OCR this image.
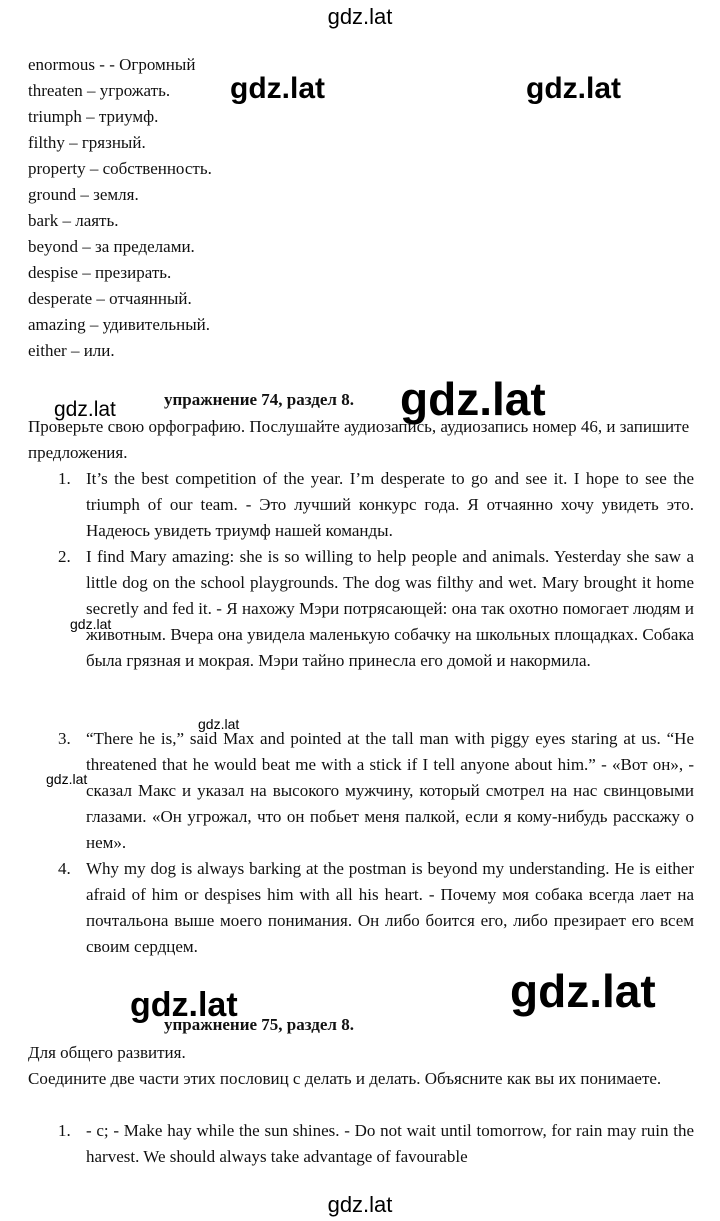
gdz.lat
gdz.lat	gdz.lat
gdz.lat
gdz.lat
gdz.lat
gdz.lat
gdz.lat
gdz.lat	gdz.lat
gdz.lat
enormous - - Огромный
threaten – угрожать.
triumph – триумф.
filthy – грязный.
property – собственность.
ground – земля.
bark – лаять.
beyond – за пределами.
despise – презирать.
desperate – отчаянный.
amazing – удивительный.
either – или.
упражнение 74, раздел 8.
Проверьте свою орфографию. Послушайте аудиозапись, аудиозапись номер 46, и запишите предложения.
1. It’s the best competition of the year. I’m desperate to go and see it. I hope to see the triumph of our team. - Это лучший конкурс года. Я отчаянно хочу увидеть это. Надеюсь увидеть триумф нашей команды.
2. I find Mary amazing: she is so willing to help people and animals. Yesterday she saw a little dog on the school playgrounds. The dog was filthy and wet. Mary brought it home secretly and fed it. - Я нахожу Мэри потрясающей: она так охотно помогает людям и животным. Вчера она увидела маленькую собачку на школьных площадках. Собака была грязная и мокрая. Мэри тайно принесла его домой и накормила.
3. “There he is,” said Max and pointed at the tall man with piggy eyes staring at us. “He threatened that he would beat me with a stick if I tell anyone about him.” - «Вот он», - сказал Макс и указал на высокого мужчину, который смотрел на нас свинцовыми глазами. «Он угрожал, что он побьет меня палкой, если я кому-нибудь расскажу о нем».
4. Why my dog is always barking at the postman is beyond my understanding. He is either afraid of him or despises him with all his heart. - Почему моя собака всегда лает на почтальона выше моего понимания. Он либо боится его, либо презирает его всем своим сердцем.
упражнение 75, раздел 8.
Для общего развития.
Соедините две части этих пословиц с делать и делать. Объясните как вы их понимаете.
1. - c; - Make hay while the sun shines. - Do not wait until tomorrow, for rain may ruin the harvest. We should always take advantage of favourable
